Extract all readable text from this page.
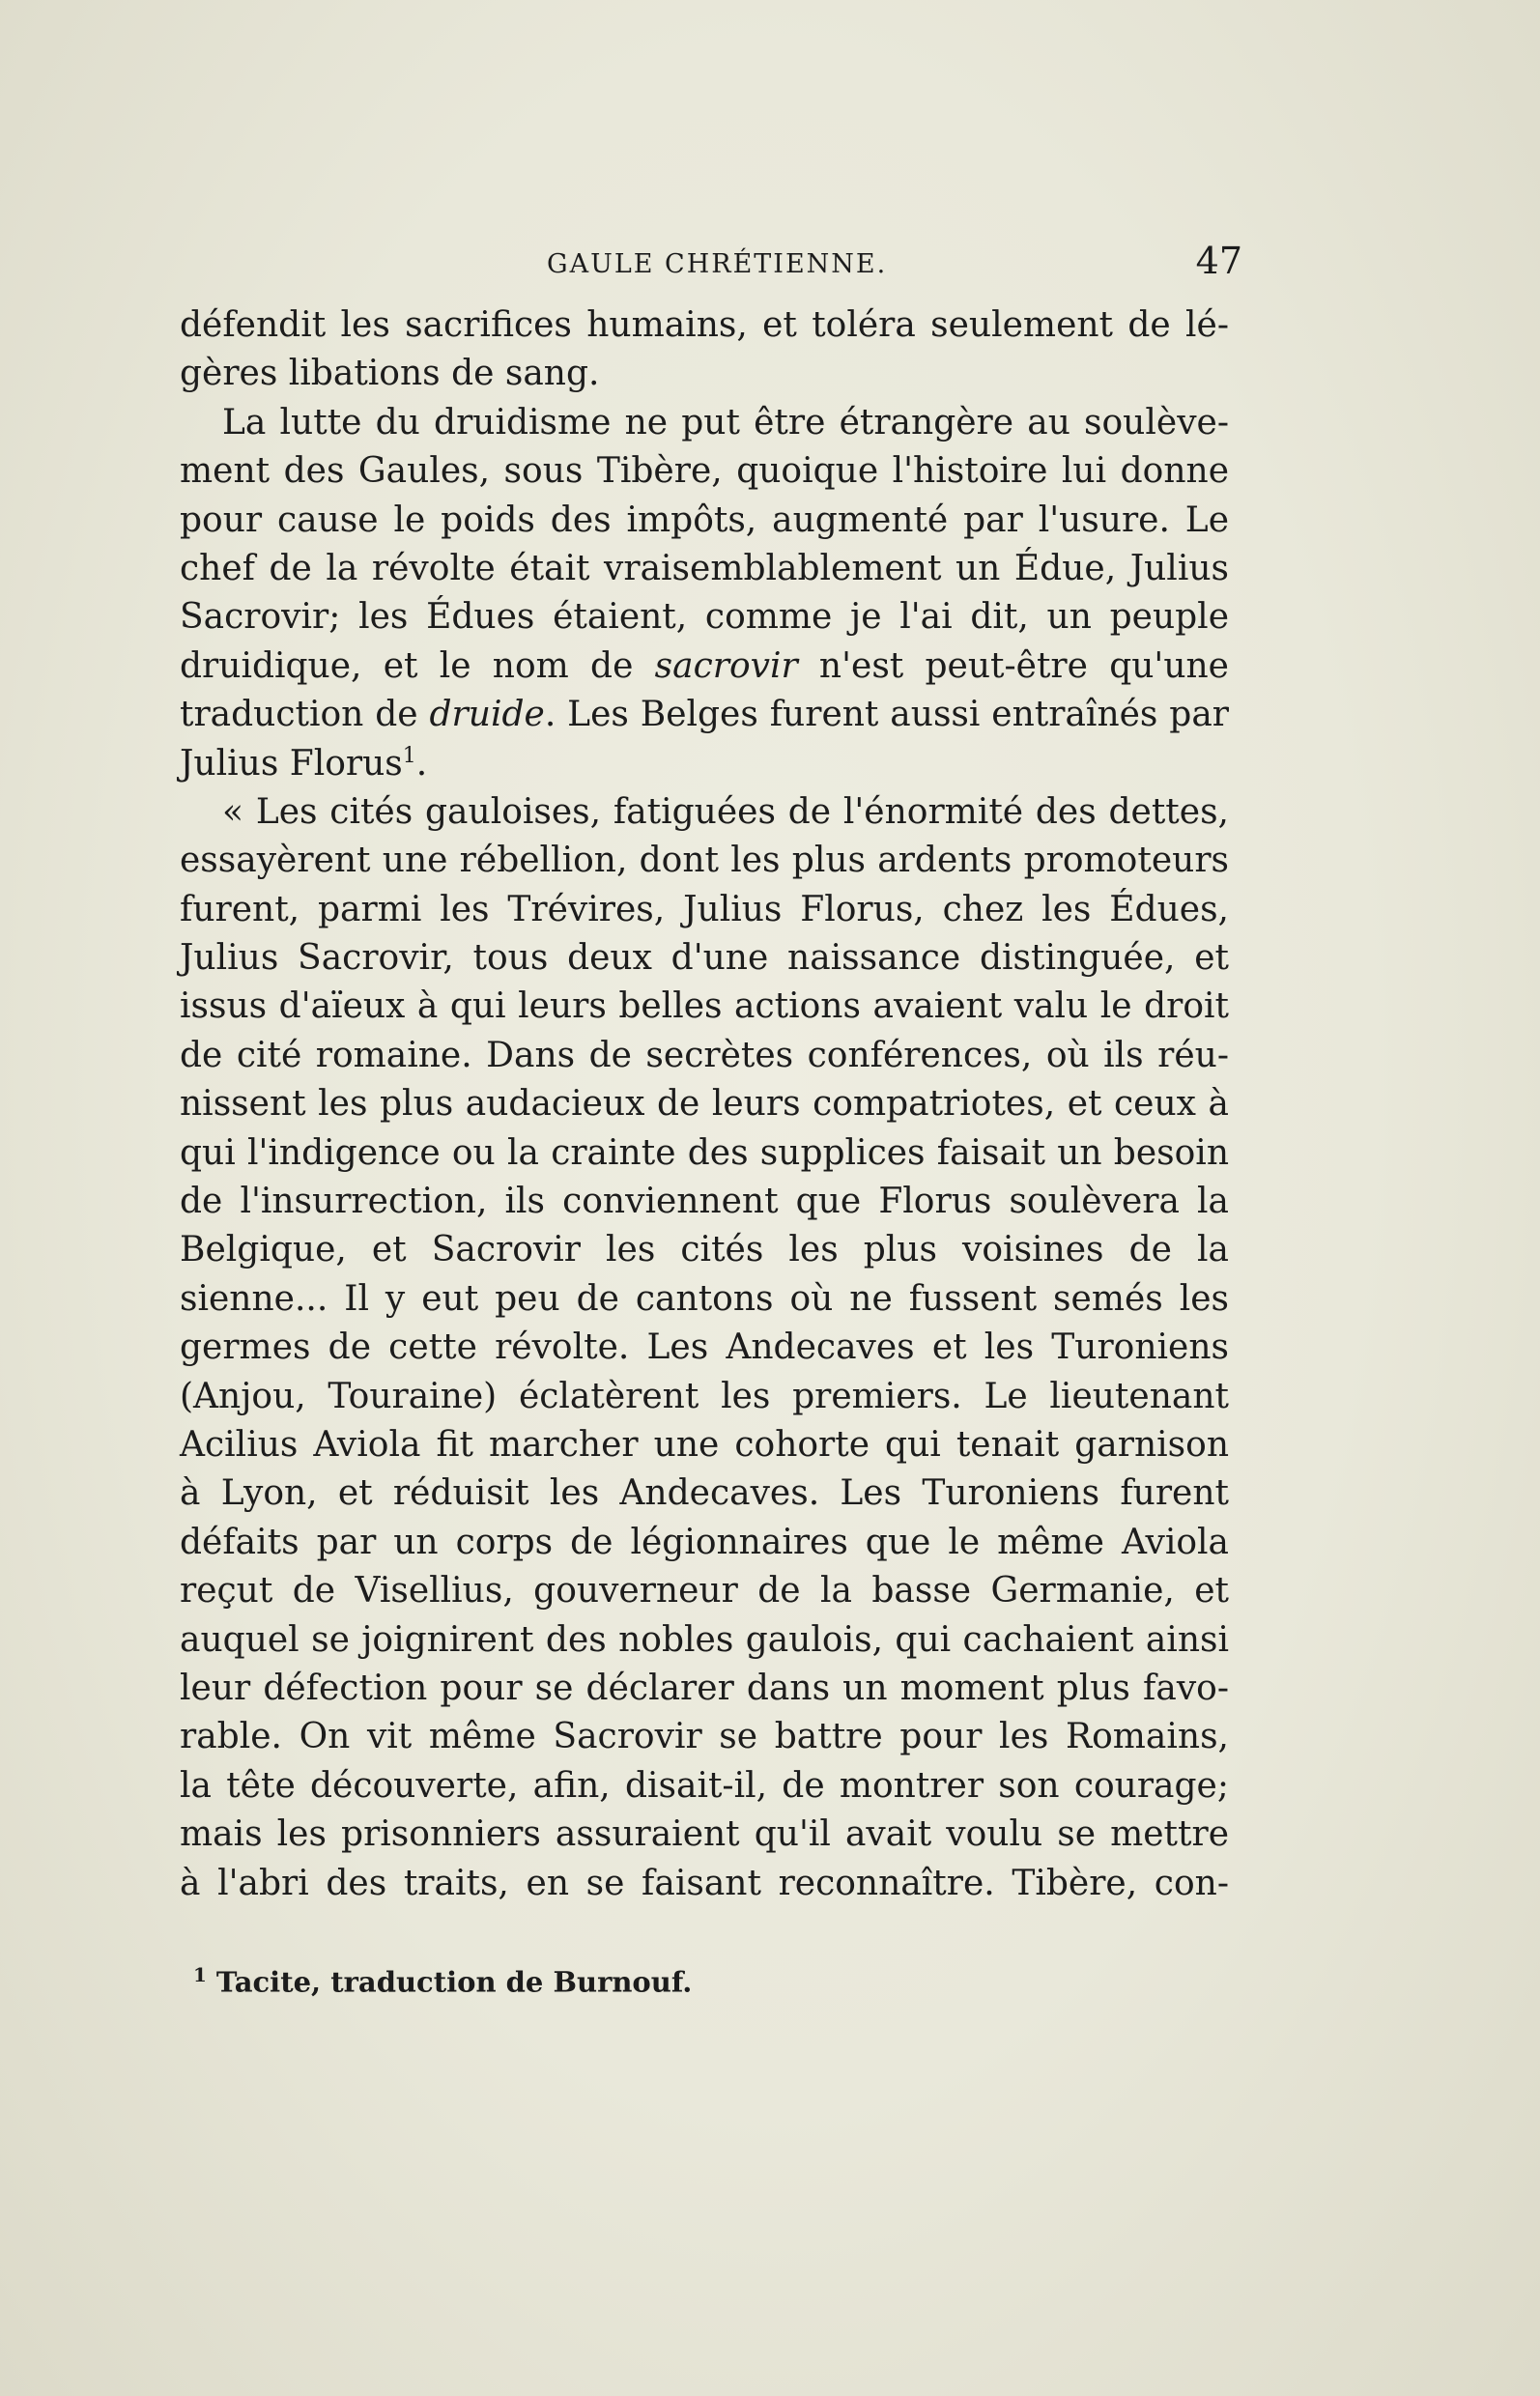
GAULE CHRÉTIENNE.	47
défendit les sacrifices humains, et toléra seulement de lé-
gères libations de sang.
La lutte du druidisme ne put être étrangère au soulève-
ment des Gaules, sous Tibère, quoique l'histoire lui donne
pour cause le poids des impôts, augmenté par l'usure. Le
chef de la révolte était vraisemblablement un Édue, Julius
Sacrovir; les Édues étaient, comme je l'ai dit, un peuple
druidique, et le nom de sacrovir n'est peut-être qu'une
traduction de druide. Les Belges furent aussi entraînés par
Julius Florus$^1$.
« Les cités gauloises, fatiguées de l'énormité des dettes,
essayèrent une rébellion, dont les plus ardents promoteurs
furent, parmi les Trévires, Julius Florus, chez les Édues,
Julius Sacrovir, tous deux d'une naissance distinguée, et
issus d'aïeux à qui leurs belles actions avaient valu le droit
de cité romaine. Dans de secrètes conférences, où ils réu-
nissent les plus audacieux de leurs compatriotes, et ceux à
qui l'indigence ou la crainte des supplices faisait un besoin
de l'insurrection, ils conviennent que Florus soulèvera la
Belgique, et Sacrovir les cités les plus voisines de la
sienne... Il y eut peu de cantons où ne fussent semés les
germes de cette révolte. Les Andecaves et les Turoniens
(Anjou, Touraine) éclatèrent les premiers. Le lieutenant
Acilius Aviola fit marcher une cohorte qui tenait garnison
à Lyon, et réduisit les Andecaves. Les Turoniens furent
défaits par un corps de légionnaires que le même Aviola
reçut de Visellius, gouverneur de la basse Germanie, et
auquel se joignirent des nobles gaulois, qui cachaient ainsi
leur défection pour se déclarer dans un moment plus favo-
rable. On vit même Sacrovir se battre pour les Romains,
la tête découverte, afin, disait-il, de montrer son courage;
mais les prisonniers assuraient qu'il avait voulu se mettre
à l'abri des traits, en se faisant reconnaître. Tibère, con-
$^1$ Tacite, traduction de Burnouf.
